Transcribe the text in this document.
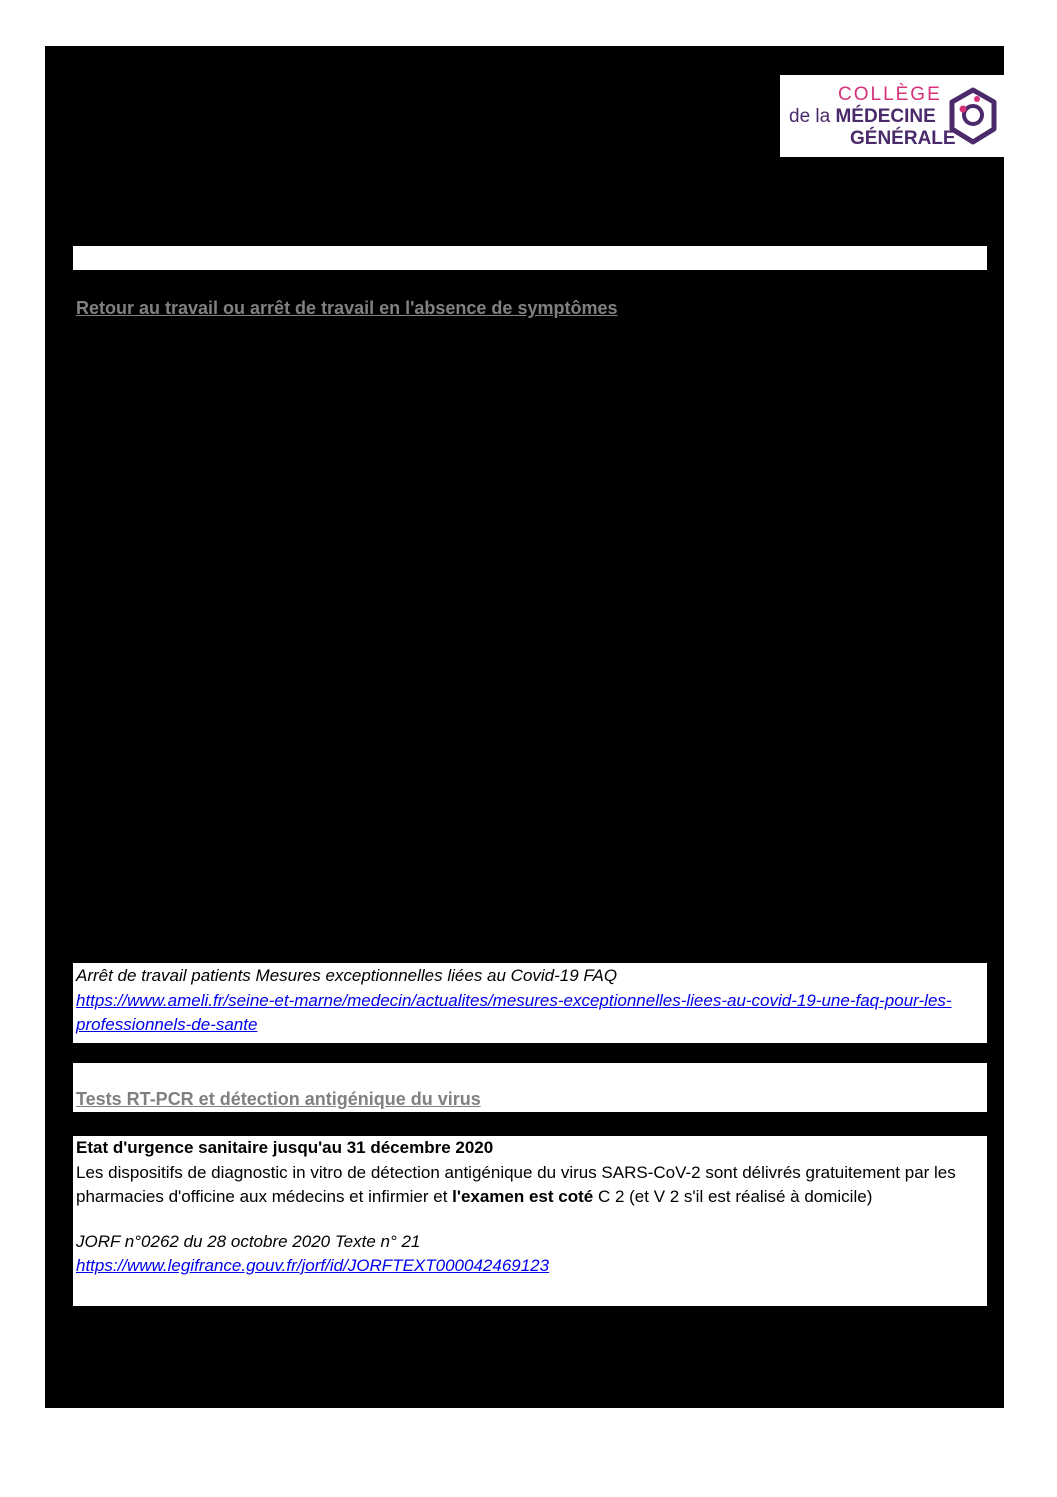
COLLÈGE
de la MÉDECINE
GÉNÉRALE
Retour au travail ou arrêt de travail en l'absence de symptômes
Arrêt de travail patients Mesures exceptionnelles liées au Covid-19 FAQ
https://www.ameli.fr/seine-et-marne/medecin/actualites/mesures-exceptionnelles-liees-au-covid-19-une-faq-pour-les-professionnels-de-sante
Tests RT-PCR et détection antigénique du virus
Etat d'urgence sanitaire jusqu'au 31 décembre 2020
Les dispositifs de diagnostic in vitro de détection antigénique du virus SARS-CoV-2 sont délivrés gratuitement par les pharmacies d'officine aux médecins et infirmier et l'examen est coté C 2 (et V 2 s'il est réalisé à domicile)
JORF n°0262 du 28 octobre 2020 Texte n° 21
https://www.legifrance.gouv.fr/jorf/id/JORFTEXT000042469123
